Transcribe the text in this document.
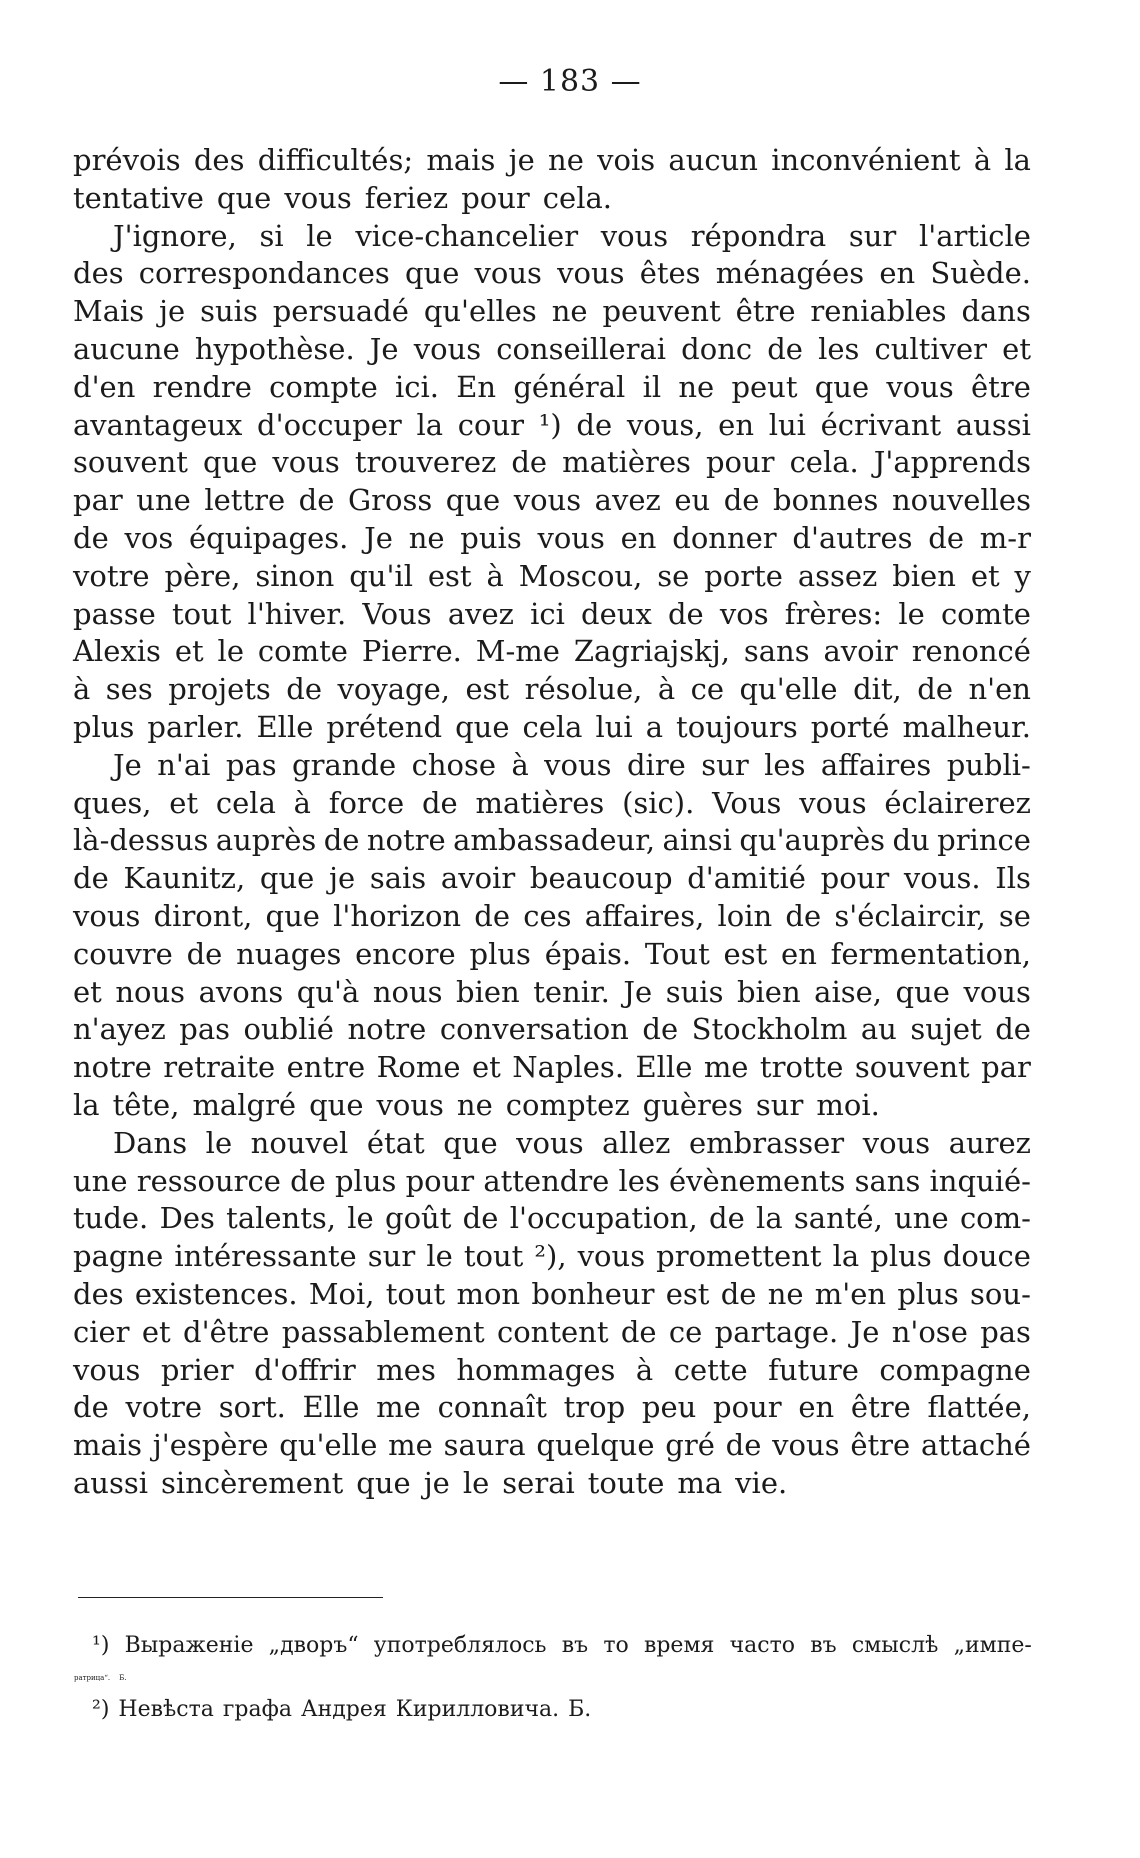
— 183 —
prévois des difficultés; mais je ne vois aucun inconvénient à la
tentative que vous feriez pour cela.
J'ignore, si le vice-chancelier vous répondra sur l'article
des correspondances que vous vous êtes ménagées en Suède.
Mais je suis persuadé qu'elles ne peuvent être reniables dans
aucune hypothèse. Je vous conseillerai donc de les cultiver et
d'en rendre compte ici. En général il ne peut que vous être
avantageux d'occuper la cour ¹) de vous, en lui écrivant aussi
souvent que vous trouverez de matières pour cela. J'apprends
par une lettre de Gross que vous avez eu de bonnes nouvelles
de vos équipages. Je ne puis vous en donner d'autres de m-r
votre père, sinon qu'il est à Moscou, se porte assez bien et y
passe tout l'hiver. Vous avez ici deux de vos frères: le comte
Alexis et le comte Pierre. M-me Zagriajskj, sans avoir renoncé
à ses projets de voyage, est résolue, à ce qu'elle dit, de n'en
plus parler. Elle prétend que cela lui a toujours porté malheur.
Je n'ai pas grande chose à vous dire sur les affaires publi-
ques, et cela à force de matières (sic). Vous vous éclairerez
là-dessus auprès de notre ambassadeur, ainsi qu'auprès du prince
de Kaunitz, que je sais avoir beaucoup d'amitié pour vous. Ils
vous diront, que l'horizon de ces affaires, loin de s'éclaircir, se
couvre de nuages encore plus épais. Tout est en fermentation,
et nous avons qu'à nous bien tenir. Je suis bien aise, que vous
n'ayez pas oublié notre conversation de Stockholm au sujet de
notre retraite entre Rome et Naples. Elle me trotte souvent par
la tête, malgré que vous ne comptez guères sur moi.
Dans le nouvel état que vous allez embrasser vous aurez
une ressource de plus pour attendre les évènements sans inquié-
tude. Des talents, le goût de l'occupation, de la santé, une com-
pagne intéressante sur le tout ²), vous promettent la plus douce
des existences. Moi, tout mon bonheur est de ne m'en plus sou-
cier et d'être passablement content de ce partage. Je n'ose pas
vous prier d'offrir mes hommages à cette future compagne
de votre sort. Elle me connaît trop peu pour en être flattée,
mais j'espère qu'elle me saura quelque gré de vous être attaché
aussi sincèrement que je le serai toute ma vie.
¹) Выраженіе „дворъ“ употреблялось въ то время часто въ смыслѣ „импе-
ратрица“. Б.
²) Невѣста графа Андрея Кирилловича. Б.
